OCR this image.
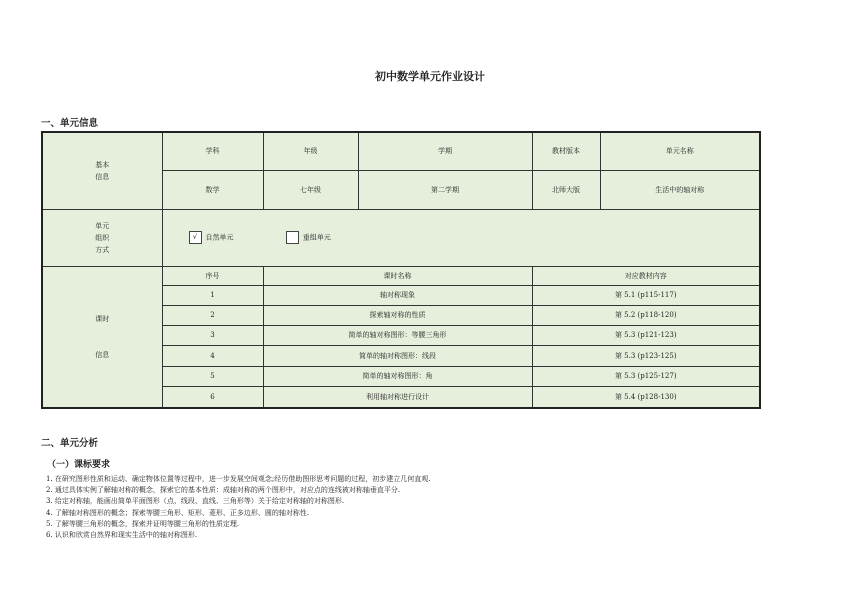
初中数学单元作业设计
一、单元信息
基本
信息	学科	年级	学期	教材版本	单元名称
	数学	七年级	第二学期	北师大版	生活中的轴对称
单元
组织
方式	√ 自然单元 重组单元				
课时

信息	序号	课时名称		对应教材内容	
	1	轴对称现象		第 5.1 (p115-117)	
	2	探索轴对称的性质		第 5.2 (p118-120)	
	3	简单的轴对称图形：等腰三角形		第 5.3 (p121-123)	
	4	简单的轴对称图形：线段		第 5.3 (p123-125)	
	5	简单的轴对称图形：角		第 5.3 (p125-127)	
	6	利用轴对称进行设计		第 5.4 (p128-130)	
二、单元分析
（一）课标要求
1. 在研究图形性质和运动、确定物体位置等过程中，进一步发展空间观念;经历借助图形思考问题的过程，初步建立几何直观.
2. 通过具体实例了解轴对称的概念，探索它的基本性质：成轴对称的两个图形中，对应点的连线被对称轴垂直平分.
3. 给定对称轴，能画出简单平面图形（点、线段、直线、三角形等）关于给定对称轴的对称图形.
4. 了解轴对称图形的概念；探索等腰三角形、矩形、菱形、正多边形、圆的轴对称性.
5. 了解等腰三角形的概念，探索并证明等腰三角形的性质定理.
6. 认识和欣赏自然界和现实生活中的轴对称图形.
